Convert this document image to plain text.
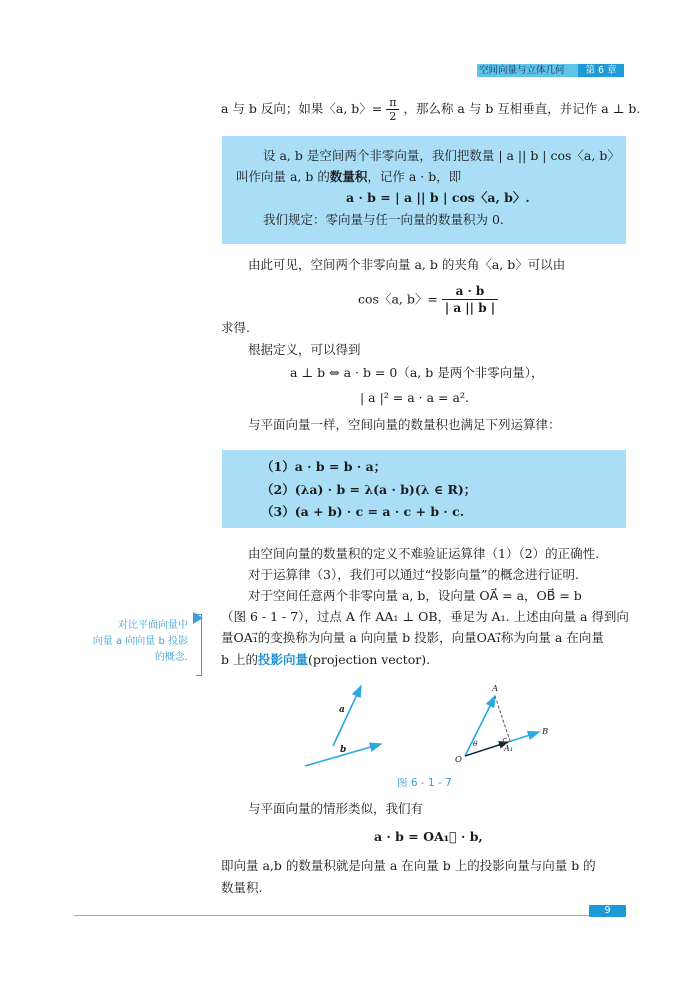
空间向量与立体几何	第 6 章
a 与 b 反向；如果〈a, b〉= $\frac{\pi}{2}$ ，那么称 a 与 b 互相垂直，并记作 a ⊥ b.
设 a, b 是空间两个非零向量，我们把数量 | a || b | cos〈a, b〉
叫作向量 a, b 的数量积，记作 a · b，即
a · b = | a || b | cos〈a, b〉.
我们规定：零向量与任一向量的数量积为 0.
由此可见，空间两个非零向量 a, b 的夹角〈a, b〉可以由
cos〈a, b〉= $\frac{a \cdot b}{| a || b |}$
求得.
根据定义，可以得到
a ⊥ b ⇔ a · b = 0（a, b 是两个非零向量），
| a |² = a · a = a².
与平面向量一样，空间向量的数量积也满足下列运算律：
（1）a · b = b · a；
（2）(λa) · b = λ(a · b)(λ ∈ R)；
（3）(a + b) · c = a · c + b · c.
由空间向量的数量积的定义不难验证运算律（1）（2）的正确性.
对于运算律（3），我们可以通过“投影向量”的概念进行证明.
对于空间任意两个非零向量 a, b，设向量 OA⃗ = a，OB⃗ = b
（图 6 - 1 - 7），过点 A 作 AA₁ ⊥ OB，垂足为 A₁. 上述由向量 a 得到向
量OA₁⃗的变换称为向量 a 向向量 b 投影，向量OA₁⃗称为向量 a 在向量
b 上的投影向量(projection vector).
对比平面向量中
向量 a 向向量 b 投影
的概念.
a
b
A
B
O
A₁
θ
图 6 - 1 - 7
与平面向量的情形类似，我们有
a · b = OA₁⃗ · b,
即向量 a,b 的数量积就是向量 a 在向量 b 上的投影向量与向量 b 的
数量积.
9
